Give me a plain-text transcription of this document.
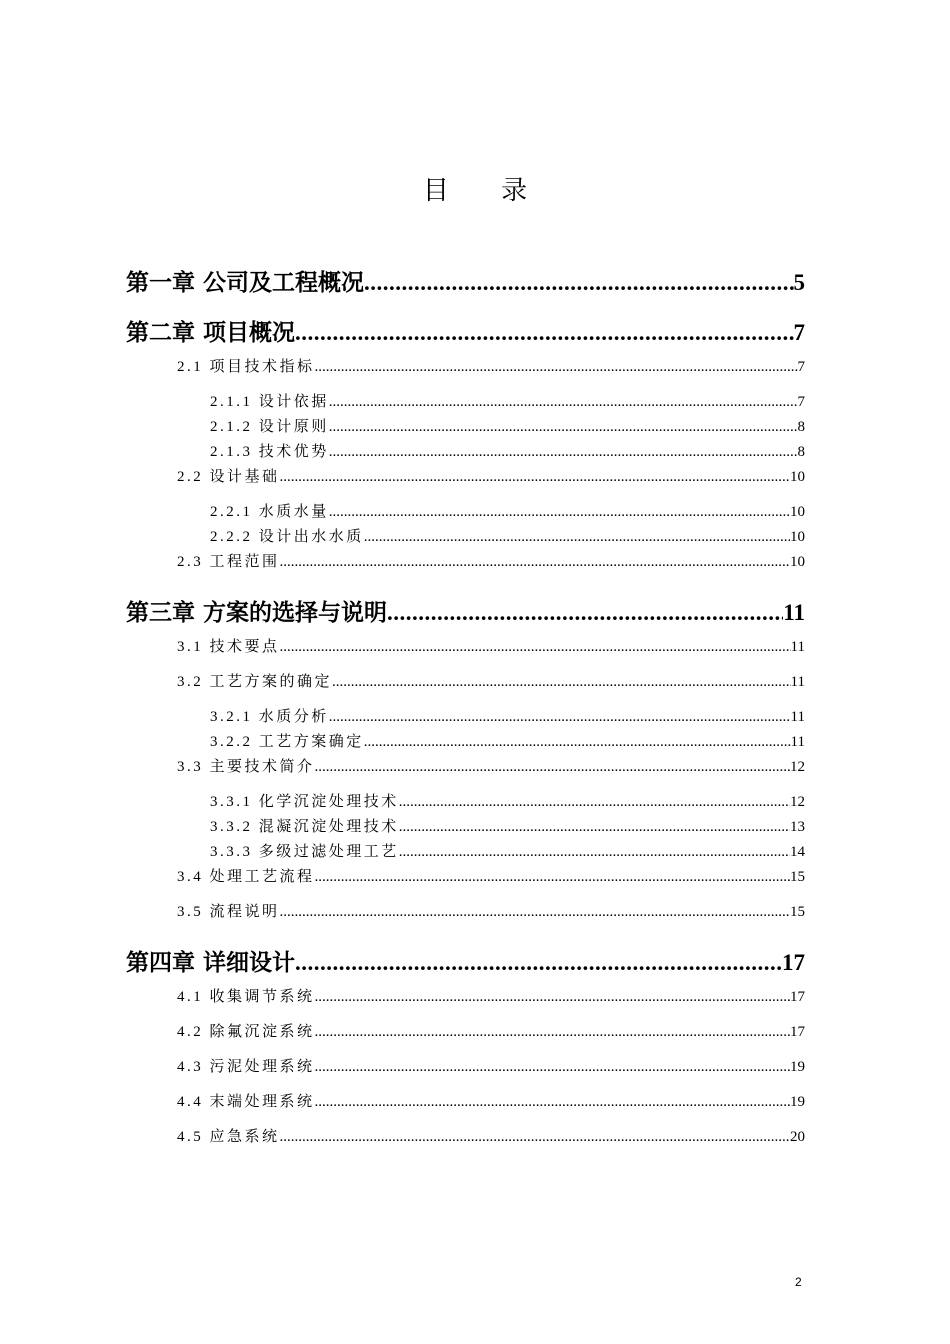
目 录
第一章 公司及工程概况 .....	5
第二章 项目概况 .....	7
2.1 项目技术指标 .....	7
2.1.1 设计依据 .....	7
2.1.2 设计原则 .....	8
2.1.3 技术优势 .....	8
2.2 设计基础 .....	10
2.2.1 水质水量 .....	10
2.2.2 设计出水水质 .....	10
2.3 工程范围 .....	10
第三章 方案的选择与说明 .....	11
3.1 技术要点 .....	11
3.2 工艺方案的确定 .....	11
3.2.1 水质分析 .....	11
3.2.2 工艺方案确定 .....	11
3.3 主要技术简介 .....	12
3.3.1 化学沉淀处理技术 .....	12
3.3.2 混凝沉淀处理技术 .....	13
3.3.3 多级过滤处理工艺 .....	14
3.4 处理工艺流程 .....	15
3.5 流程说明 .....	15
第四章 详细设计 .....	17
4.1 收集调节系统 .....	17
4.2 除氟沉淀系统 .....	17
4.3 污泥处理系统 .....	19
4.4 末端处理系统 .....	19
4.5 应急系统 .....	20
2
